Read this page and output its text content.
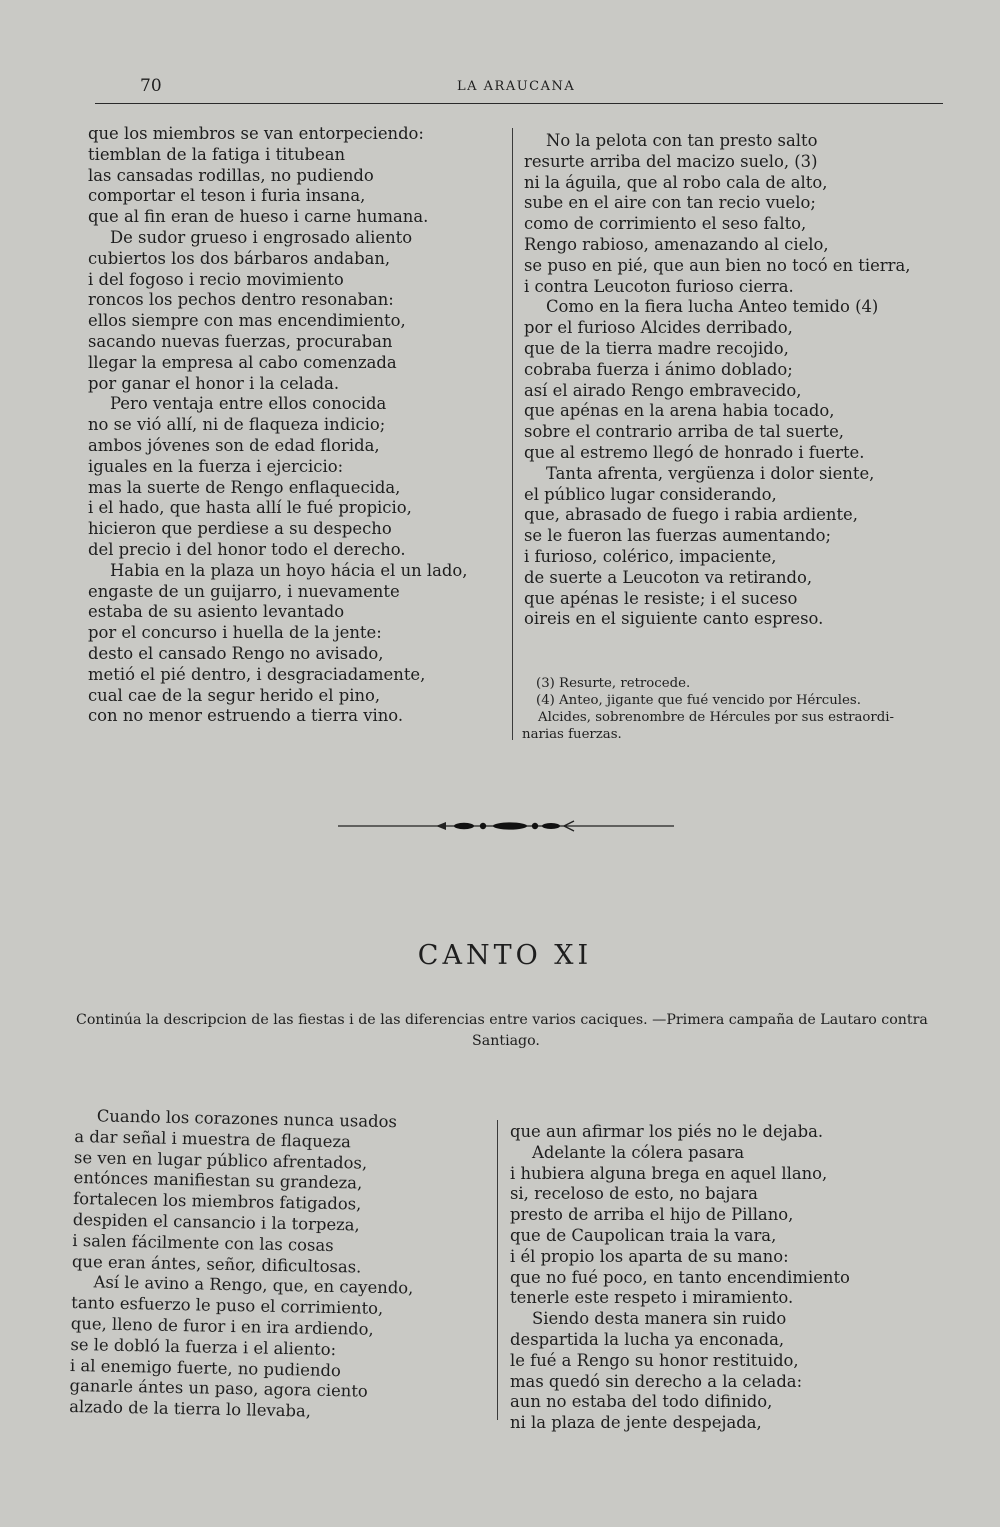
70	LA ARAUCANA
que los miembros se van entorpeciendo:
tiemblan de la fatiga i titubean
las cansadas rodillas, no pudiendo
comportar el teson i furia insana,
que al fin eran de hueso i carne humana.
De sudor grueso i engrosado aliento
cubiertos los dos bárbaros andaban,
i del fogoso i recio movimiento
roncos los pechos dentro resonaban:
ellos siempre con mas encendimiento,
sacando nuevas fuerzas, procuraban
llegar la empresa al cabo comenzada
por ganar el honor i la celada.
Pero ventaja entre ellos conocida
no se vió allí, ni de flaqueza indicio;
ambos jóvenes son de edad florida,
iguales en la fuerza i ejercicio:
mas la suerte de Rengo enflaquecida,
i el hado, que hasta allí le fué propicio,
hicieron que perdiese a su despecho
del precio i del honor todo el derecho.
Habia en la plaza un hoyo hácia el un lado,
engaste de un guijarro, i nuevamente
estaba de su asiento levantado
por el concurso i huella de la jente:
desto el cansado Rengo no avisado,
metió el pié dentro, i desgraciadamente,
cual cae de la segur herido el pino,
con no menor estruendo a tierra vino.
No la pelota con tan presto salto
resurte arriba del macizo suelo, (3)
ni la águila, que al robo cala de alto,
sube en el aire con tan recio vuelo;
como de corrimiento el seso falto,
Rengo rabioso, amenazando al cielo,
se puso en pié, que aun bien no tocó en tierra,
i contra Leucoton furioso cierra.
Como en la fiera lucha Anteo temido (4)
por el furioso Alcides derribado,
que de la tierra madre recojido,
cobraba fuerza i ánimo doblado;
así el airado Rengo embravecido,
que apénas en la arena habia tocado,
sobre el contrario arriba de tal suerte,
que al estremo llegó de honrado i fuerte.
Tanta afrenta, vergüenza i dolor siente,
el público lugar considerando,
que, abrasado de fuego i rabia ardiente,
se le fueron las fuerzas aumentando;
i furioso, colérico, impaciente,
de suerte a Leucoton va retirando,
que apénas le resiste; i el suceso
oireis en el siguiente canto espreso.
(3) Resurte, retrocede.
(4) Anteo, jigante que fué vencido por Hércules.
Alcides, sobrenombre de Hércules por sus estraordi-
narias fuerzas.
CANTO XI
Continúa la descripcion de las fiestas i de las diferencias entre varios caciques. —Primera campaña de Lautaro contra
Santiago.
Cuando los corazones nunca usados
a dar señal i muestra de flaqueza
se ven en lugar público afrentados,
entónces manifiestan su grandeza,
fortalecen los miembros fatigados,
despiden el cansancio i la torpeza,
i salen fácilmente con las cosas
que eran ántes, señor, dificultosas.
Así le avino a Rengo, que, en cayendo,
tanto esfuerzo le puso el corrimiento,
que, lleno de furor i en ira ardiendo,
se le dobló la fuerza i el aliento:
i al enemigo fuerte, no pudiendo
ganarle ántes un paso, agora ciento
alzado de la tierra lo llevaba,
que aun afirmar los piés no le dejaba.
Adelante la cólera pasara
i hubiera alguna brega en aquel llano,
si, receloso de esto, no bajara
presto de arriba el hijo de Pillano,
que de Caupolican traia la vara,
i él propio los aparta de su mano:
que no fué poco, en tanto encendimiento
tenerle este respeto i miramiento.
Siendo desta manera sin ruido
despartida la lucha ya enconada,
le fué a Rengo su honor restituido,
mas quedó sin derecho a la celada:
aun no estaba del todo difinido,
ni la plaza de jente despejada,
